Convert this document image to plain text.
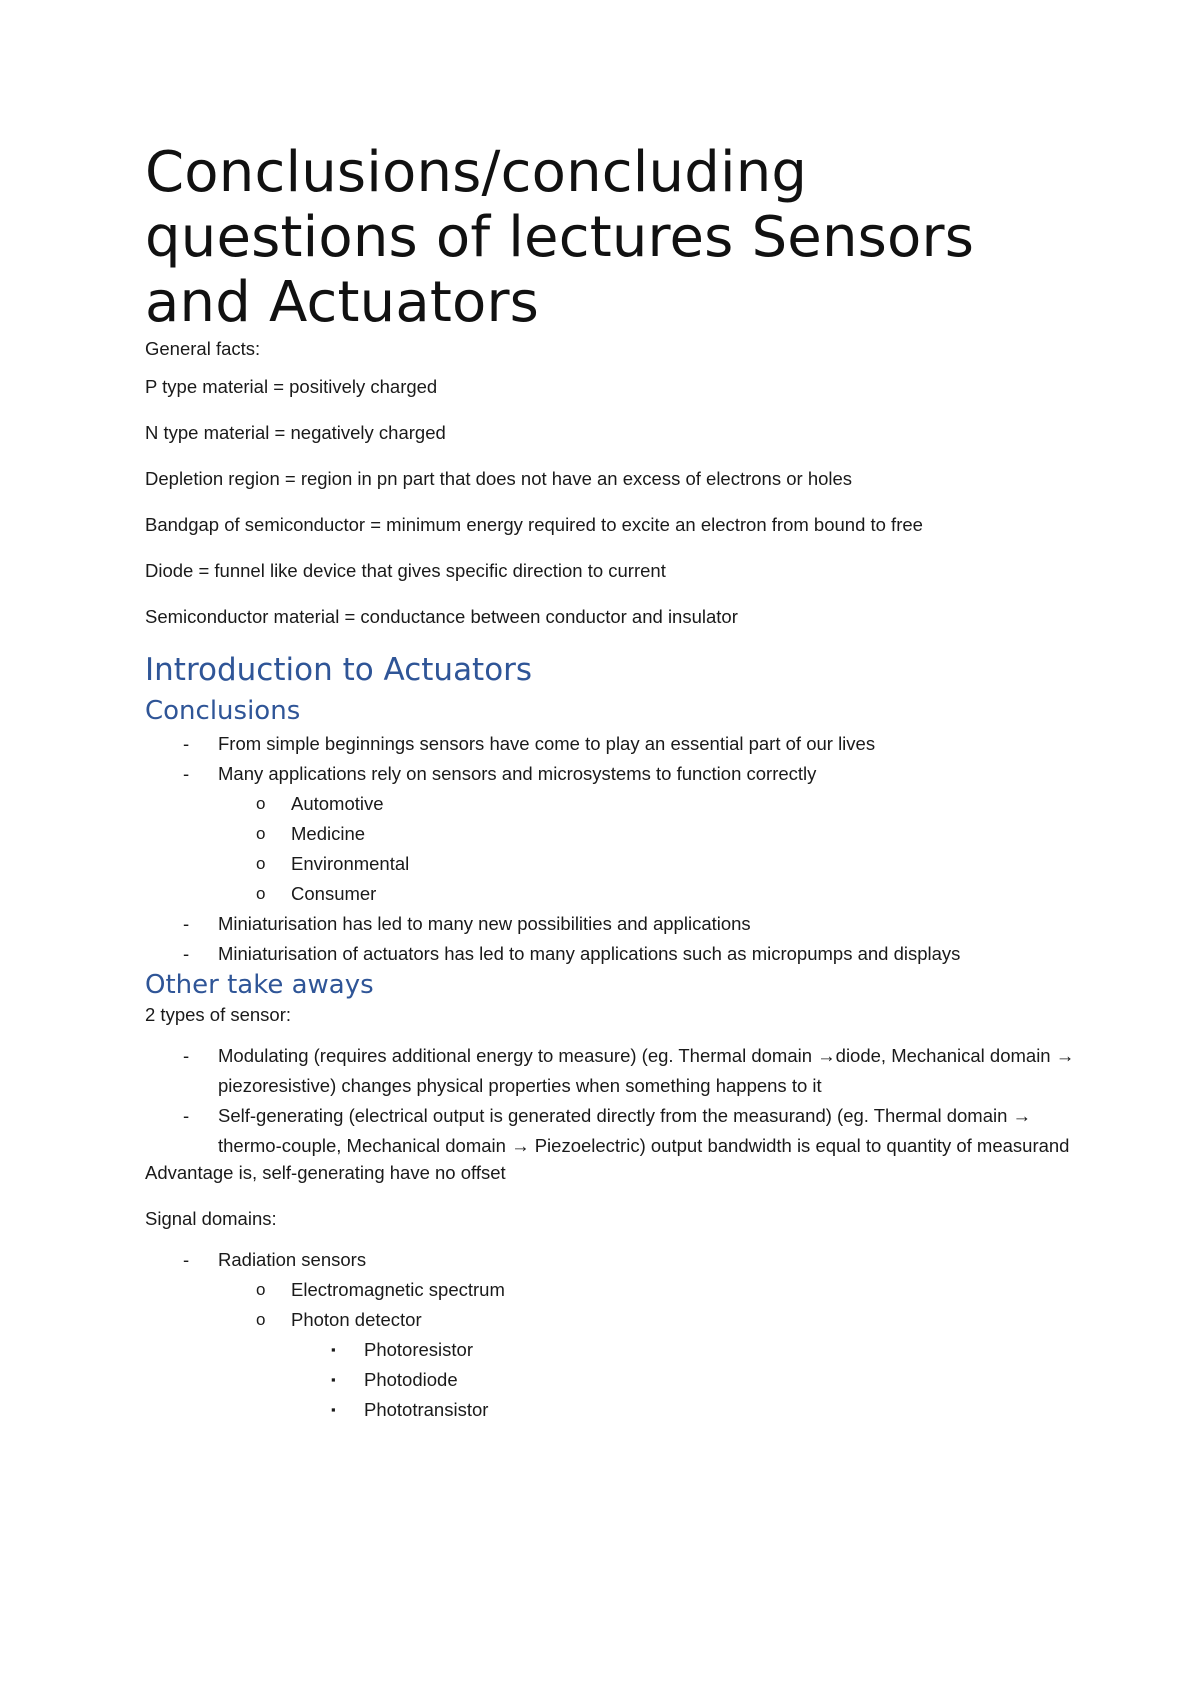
Conclusions/concluding questions of lectures Sensors and Actuators

General facts:

P type material = positively charged

N type material = negatively charged

Depletion region = region in pn part that does not have an excess of electrons or holes

Bandgap of semiconductor = minimum energy required to excite an electron from bound to free

Diode = funnel like device that gives specific direction to current

Semiconductor material = conductance between conductor and insulator

Introduction to Actuators
Conclusions
- From simple beginnings sensors have come to play an essential part of our lives
- Many applications rely on sensors and microsystems to function correctly
o Automotive
o Medicine
o Environmental
o Consumer
- Miniaturisation has led to many new possibilities and applications
- Miniaturisation of actuators has led to many applications such as micropumps and displays
Other take aways

2 types of sensor:

- Modulating (requires additional energy to measure) (eg. Thermal domain →diode, Mechanical domain → piezoresistive) changes physical properties when something happens to it
- Self-generating (electrical output is generated directly from the measurand) (eg. Thermal domain → thermo-couple, Mechanical domain → Piezoelectric) output bandwidth is equal to quantity of measurand

Advantage is, self-generating have no offset

Signal domains:

- Radiation sensors
o Electromagnetic spectrum
o Photon detector
▪ Photoresistor
▪ Photodiode
▪ Phototransistor
